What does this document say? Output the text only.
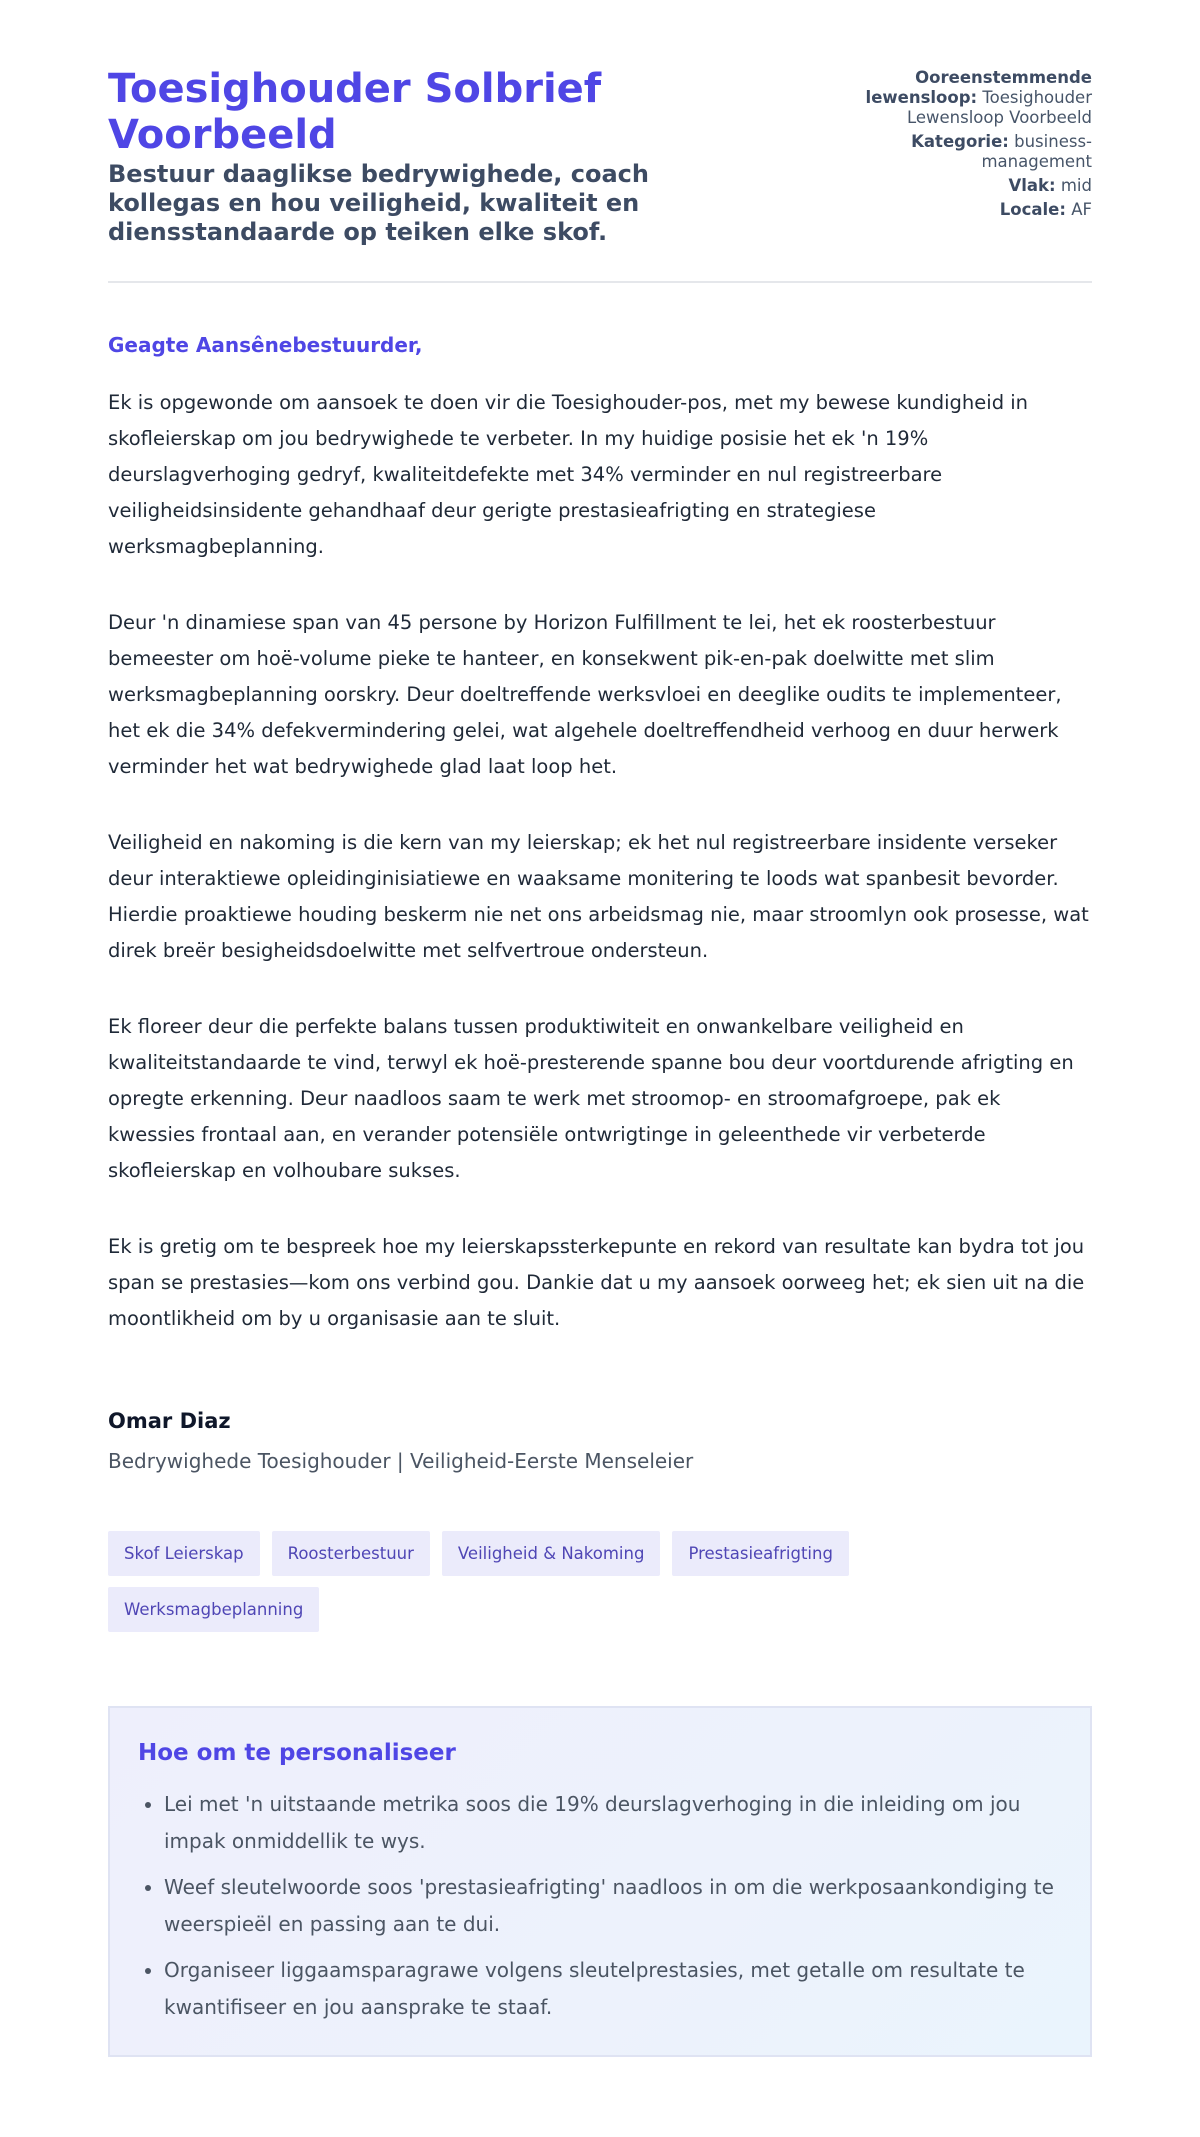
Toesighouder Solbrief Voorbeeld
Bestuur daaglikse bedrywighede, coach kollegas en hou veiligheid, kwaliteit en diensstandaarde op teiken elke skof.
Ooreenstemmende lewensloop: Toesighouder Lewensloop Voorbeeld
Kategorie: business-management
Vlak: mid
Locale: AF

Geagte Aansênebestuurder,

Ek is opgewonde om aansoek te doen vir die Toesighouder-pos, met my bewese kundigheid in skofleierskap om jou bedrywighede te verbeter. In my huidige posisie het ek 'n 19% deurslagverhoging gedryf, kwaliteitdefekte met 34% verminder en nul registreerbare veiligheidsinsidente gehandhaaf deur gerigte prestasieafrigting en strategiese werksmagbeplanning.

Deur 'n dinamiese span van 45 persone by Horizon Fulfillment te lei, het ek roosterbestuur bemeester om hoë-volume pieke te hanteer, en konsekwent pik-en-pak doelwitte met slim werksmagbeplanning oorskry. Deur doeltreffende werksvloei en deeglike oudits te implementeer, het ek die 34% defekvermindering gelei, wat algehele doeltreffendheid verhoog en duur herwerk verminder het wat bedrywighede glad laat loop het.

Veiligheid en nakoming is die kern van my leierskap; ek het nul registreerbare insidente verseker deur interaktiewe opleidinginisiatiewe en waaksame monitering te loods wat spanbesit bevorder. Hierdie proaktiewe houding beskerm nie net ons arbeidsmag nie, maar stroomlyn ook prosesse, wat direk breër besigheidsdoelwitte met selfvertroue ondersteun.

Ek floreer deur die perfekte balans tussen produktiwiteit en onwankelbare veiligheid en kwaliteitstandaarde te vind, terwyl ek hoë-presterende spanne bou deur voortdurende afrigting en opregte erkenning. Deur naadloos saam te werk met stroomop- en stroomafgroepe, pak ek kwessies frontaal aan, en verander potensiële ontwrigtinge in geleenthede vir verbeterde skofleierskap en volhoubare sukses.

Ek is gretig om te bespreek hoe my leierskapssterkepunte en rekord van resultate kan bydra tot jou span se prestasies—kom ons verbind gou. Dankie dat u my aansoek oorweeg het; ek sien uit na die moontlikheid om by u organisasie aan te sluit.

Omar Diaz
Bedrywighede Toesighouder | Veiligheid-Eerste Menseleier
Skof Leierskap	Roosterbestuur	Veiligheid & Nakoming	Prestasieafrigting
Werksmagbeplanning
Hoe om te personaliseer
• Lei met 'n uitstaande metrika soos die 19% deurslagverhoging in die inleiding om jou impak onmiddellik te wys.
• Weef sleutelwoorde soos 'prestasieafrigting' naadloos in om die werkposaankondiging te weerspieël en passing aan te dui.
• Organiseer liggaamsparagrawe volgens sleutelprestasies, met getalle om resultate te kwantifiseer en jou aansprake te staaf.
